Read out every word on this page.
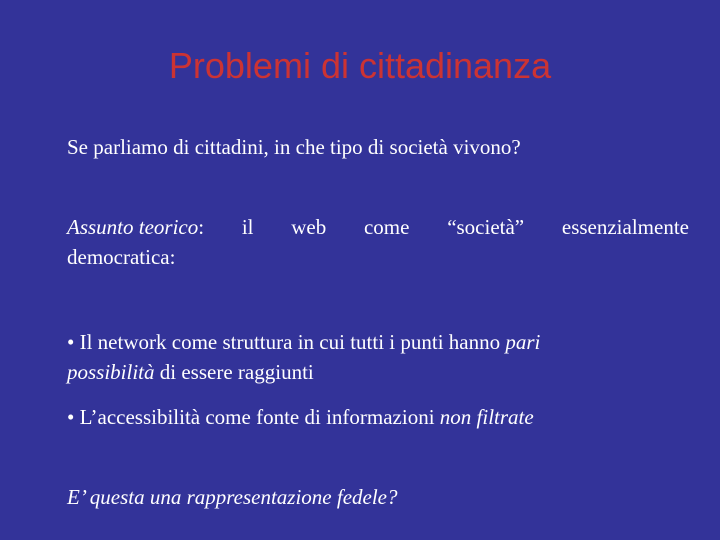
Problemi di cittadinanza
Se parliamo di cittadini, in che tipo di società vivono?
Assunto teorico: il web come “società” essenzialmente
democratica:
• Il network come struttura in cui tutti i punti hanno pari possibilità di essere raggiunti
• L’accessibilità come fonte di informazioni non filtrate
E’ questa una rappresentazione fedele?
